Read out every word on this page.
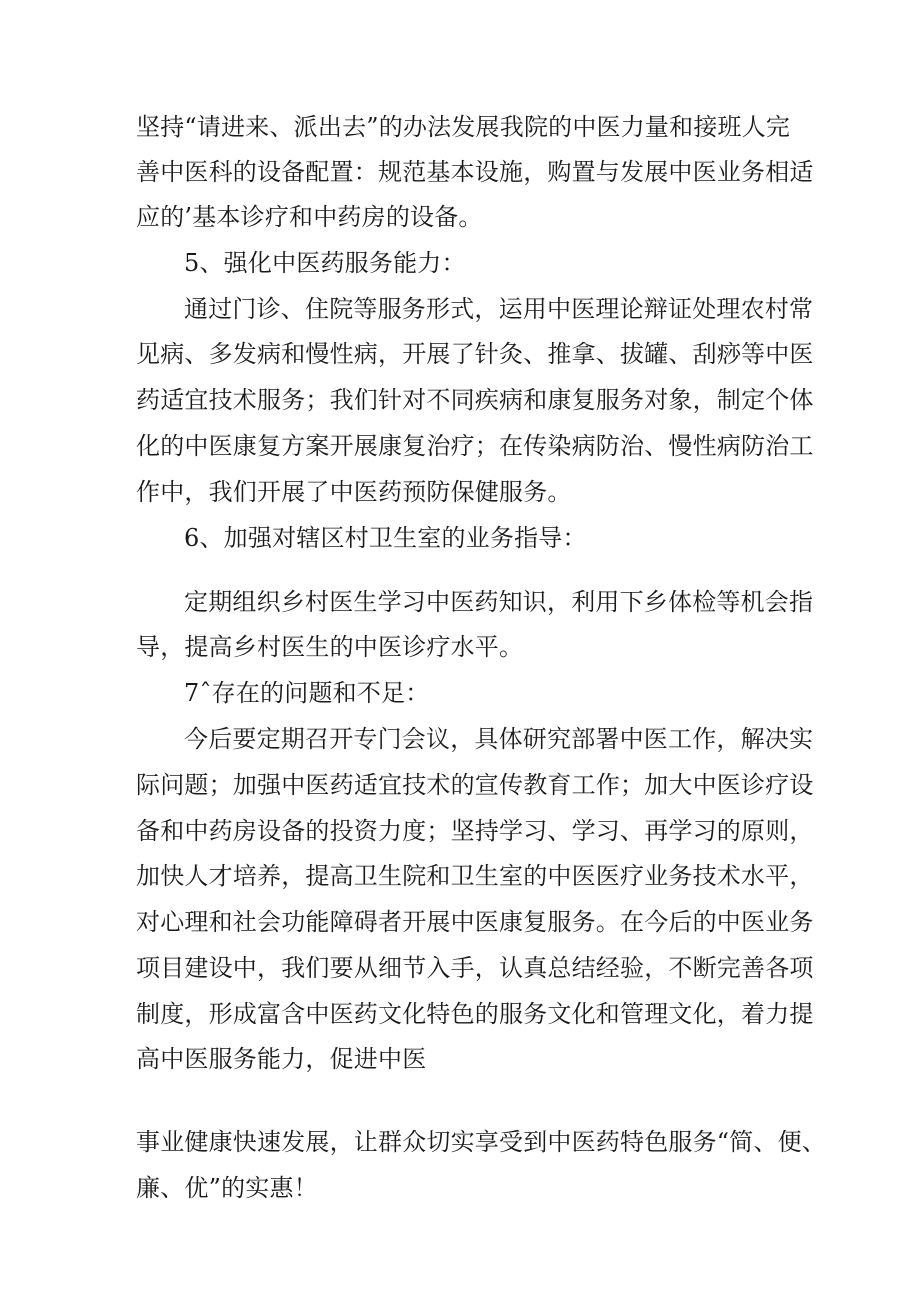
坚持“请进来、派出去”的办法发展我院的中医力量和接班人完
善中医科的设备配置：规范基本设施，购置与发展中医业务相适
应的’基本诊疗和中药房的设备。
5、强化中医药服务能力：
通过门诊、住院等服务形式，运用中医理论辩证处理农村常
见病、多发病和慢性病，开展了针灸、推拿、拔罐、刮痧等中医
药适宜技术服务；我们针对不同疾病和康复服务对象，制定个体
化的中医康复方案开展康复治疗；在传染病防治、慢性病防治工
作中，我们开展了中医药预防保健服务。
6、加强对辖区村卫生室的业务指导：
定期组织乡村医生学习中医药知识，利用下乡体检等机会指
导，提高乡村医生的中医诊疗水平。
7ˆ存在的问题和不足：
今后要定期召开专门会议，具体研究部署中医工作，解决实
际问题；加强中医药适宜技术的宣传教育工作；加大中医诊疗设
备和中药房设备的投资力度；坚持学习、学习、再学习的原则，
加快人才培养，提高卫生院和卫生室的中医医疗业务技术水平，
对心理和社会功能障碍者开展中医康复服务。在今后的中医业务
项目建设中，我们要从细节入手，认真总结经验，不断完善各项
制度，形成富含中医药文化特色的服务文化和管理文化，着力提
高中医服务能力，促进中医
事业健康快速发展，让群众切实享受到中医药特色服务“简、便、
廉、优”的实惠！
